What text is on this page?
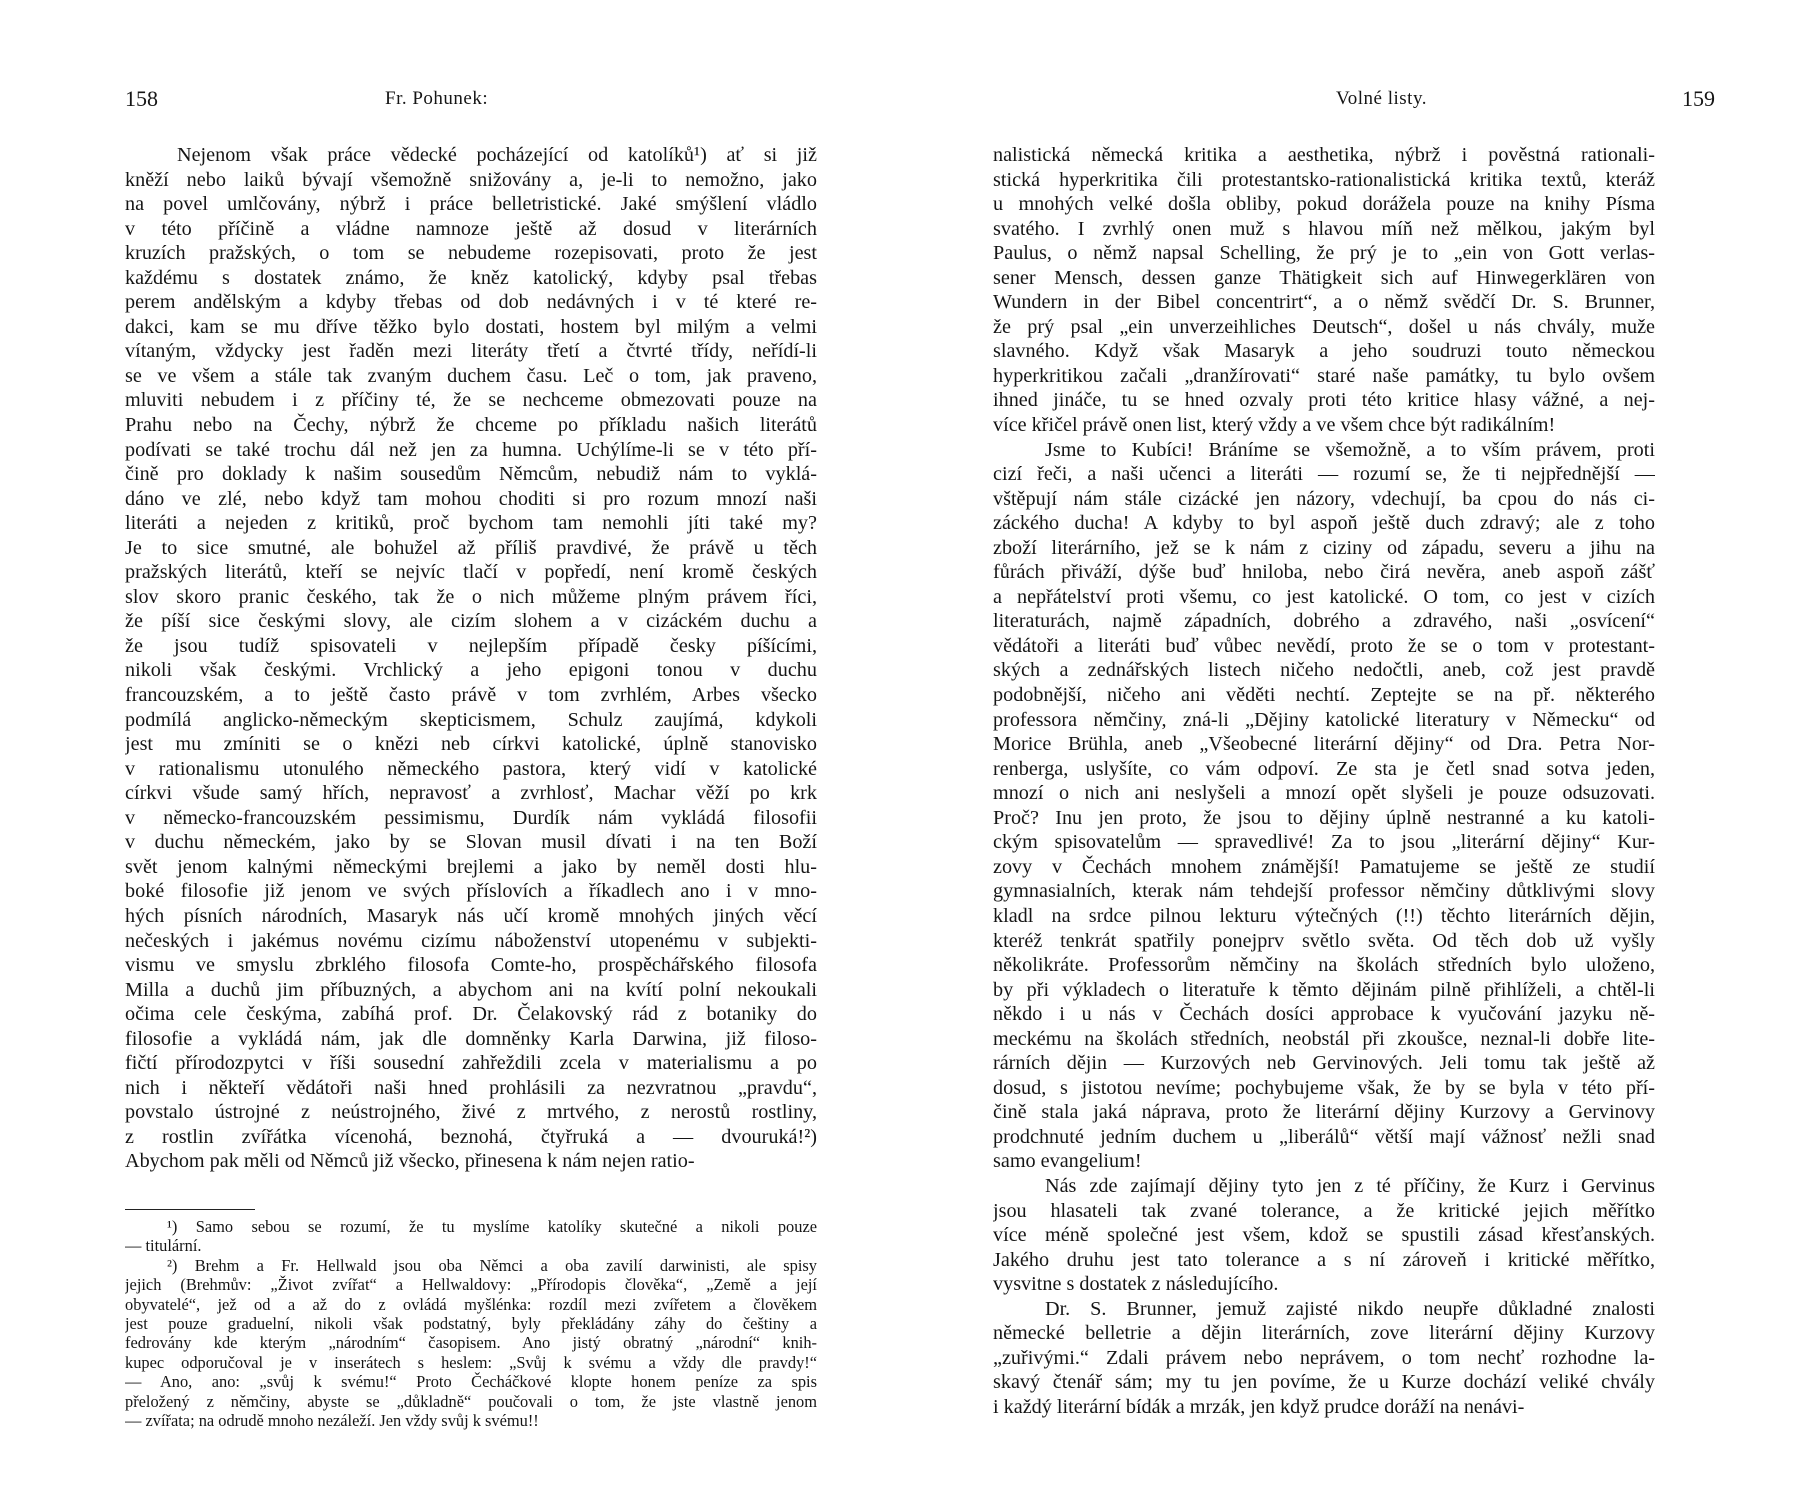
158	Fr. Pohunek:
Nejenom však práce vědecké pocházející od katolíků¹) ať si již
kněží nebo laiků bývají všemožně snižovány a, je-li to nemožno, jako
na povel umlčovány, nýbrž i práce belletristické. Jaké smýšlení vládlo
v této příčině a vládne namnoze ještě až dosud v literárních
kruzích pražských, o tom se nebudeme rozepisovati, proto že jest
každému s dostatek známo, že kněz katolický, kdyby psal třebas
perem andělským a kdyby třebas od dob nedávných i v té které re-
dakci, kam se mu dříve těžko bylo dostati, hostem byl milým a velmi
vítaným, vždycky jest řaděn mezi literáty třetí a čtvrté třídy, neřídí-li
se ve všem a stále tak zvaným duchem času. Leč o tom, jak praveno,
mluviti nebudem i z příčiny té, že se nechceme obmezovati pouze na
Prahu nebo na Čechy, nýbrž že chceme po příkladu našich literátů
podívati se také trochu dál než jen za humna. Uchýlíme-li se v této pří-
čině pro doklady k našim sousedům Němcům, nebudiž nám to vyklá-
dáno ve zlé, nebo když tam mohou choditi si pro rozum mnozí naši
literáti a nejeden z kritiků, proč bychom tam nemohli jíti také my?
Je to sice smutné, ale bohužel až příliš pravdivé, že právě u těch
pražských literátů, kteří se nejvíc tlačí v popředí, není kromě českých
slov skoro pranic českého, tak že o nich můžeme plným právem říci,
že píší sice českými slovy, ale cizím slohem a v cizáckém duchu a
že jsou tudíž spisovateli v nejlepším případě česky píšícími,
nikoli však českými. Vrchlický a jeho epigoni tonou v duchu
francouzském, a to ještě často právě v tom zvrhlém, Arbes všecko
podmílá anglicko-německým skepticismem, Schulz zaujímá, kdykoli
jest mu zmíniti se o knězi neb církvi katolické, úplně stanovisko
v rationalismu utonulého německého pastora, který vidí v katolické
církvi všude samý hřích, nepravosť a zvrhlosť, Machar věží po krk
v německo-francouzském pessimismu, Durdík nám vykládá filosofii
v duchu německém, jako by se Slovan musil dívati i na ten Boží
svět jenom kalnými německými brejlemi a jako by neměl dosti hlu-
boké filosofie již jenom ve svých příslovích a říkadlech ano i v mno-
hých písních národních, Masaryk nás učí kromě mnohých jiných věcí
nečeských i jakémus novému cizímu náboženství utopenému v subjekti-
vismu ve smyslu zbrklého filosofa Comte-ho, prospěchářského filosofa
Milla a duchů jim příbuzných, a abychom ani na kvítí polní nekoukali
očima cele českýma, zabíhá prof. Dr. Čelakovský rád z botaniky do
filosofie a vykládá nám, jak dle domněnky Karla Darwina, již filoso-
fičtí přírodozpytci v říši sousední zahřeždili zcela v materialismu a po
nich i někteří vědátoři naši hned prohlásili za nezvratnou „pravdu“,
povstalo ústrojné z neústrojného, živé z mrtvého, z nerostů rostliny,
z rostlin zvířátka vícenohá, beznohá, čtyřruká a — dvouruká!²)
Abychom pak měli od Němců již všecko, přinesena k nám nejen ratio-
¹) Samo sebou se rozumí, že tu myslíme katolíky skutečné a nikoli pouze
— titulární.
²) Brehm a Fr. Hellwald jsou oba Němci a oba zavilí darwinisti, ale spisy
jejich (Brehmův: „Život zvířat“ a Hellwaldovy: „Přírodopis člověka“, „Země a její
obyvatelé“, jež od a až do z ovládá myšlénka: rozdíl mezi zvířetem a člověkem
jest pouze graduelní, nikoli však podstatný, byly překládány záhy do češtiny a
fedrovány kde kterým „národním“ časopisem. Ano jistý obratný „národní“ knih-
kupec odporučoval je v inserátech s heslem: „Svůj k svému a vždy dle pravdy!“
— Ano, ano: „svůj k svému!“ Proto Čecháčkové klopte honem peníze za spis
přeložený z němčiny, abyste se „důkladně“ poučovali o tom, že jste vlastně jenom
— zvířata; na odrudě mnoho nezáleží. Jen vždy svůj k svému!!
Volné listy.	159
nalistická německá kritika a aesthetika, nýbrž i pověstná rationali-
stická hyperkritika čili protestantsko-rationalistická kritika textů, kteráž
u mnohých velké došla obliby, pokud dorážela pouze na knihy Písma
svatého. I zvrhlý onen muž s hlavou míň než mělkou, jakým byl
Paulus, o němž napsal Schelling, že prý je to „ein von Gott verlas-
sener Mensch, dessen ganze Thätigkeit sich auf Hinwegerklären von
Wundern in der Bibel concentrirt“, a o němž svědčí Dr. S. Brunner,
že prý psal „ein unverzeihliches Deutsch“, došel u nás chvály, muže
slavného. Když však Masaryk a jeho soudruzi touto německou
hyperkritikou začali „dranžírovati“ staré naše památky, tu bylo ovšem
ihned jináče, tu se hned ozvaly proti této kritice hlasy vážné, a nej-
více křičel právě onen list, který vždy a ve všem chce být radikálním!
Jsme to Kubíci! Bráníme se všemožně, a to vším právem, proti
cizí řeči, a naši učenci a literáti — rozumí se, že ti nejpřednější —
vštěpují nám stále cizácké jen názory, vdechují, ba cpou do nás ci-
záckého ducha! A kdyby to byl aspoň ještě duch zdravý; ale z toho
zboží literárního, jež se k nám z ciziny od západu, severu a jihu na
fůrách přiváží, dýše buď hniloba, nebo čirá nevěra, aneb aspoň zášť
a nepřátelství proti všemu, co jest katolické. O tom, co jest v cizích
literaturách, najmě západních, dobrého a zdravého, naši „osvícení“
vědátoři a literáti buď vůbec nevědí, proto že se o tom v protestant-
ských a zednářských listech ničeho nedočtli, aneb, což jest pravdě
podobnější, ničeho ani věděti nechtí. Zeptejte se na př. některého
professora němčiny, zná-li „Dějiny katolické literatury v Německu“ od
Morice Brühla, aneb „Všeobecné literární dějiny“ od Dra. Petra Nor-
renberga, uslyšíte, co vám odpoví. Ze sta je četl snad sotva jeden,
mnozí o nich ani neslyšeli a mnozí opět slyšeli je pouze odsuzovati.
Proč? Inu jen proto, že jsou to dějiny úplně nestranné a ku katoli-
ckým spisovatelům — spravedlivé! Za to jsou „literární dějiny“ Kur-
zovy v Čechách mnohem známější! Pamatujeme se ještě ze studií
gymnasialních, kterak nám tehdejší professor němčiny důtklivými slovy
kladl na srdce pilnou lekturu výtečných (!!) těchto literárních dějin,
kteréž tenkrát spatřily ponejprv světlo světa. Od těch dob už vyšly
několikráte. Professorům němčiny na školách středních bylo uloženo,
by při výkladech o literatuře k těmto dějinám pilně přihlíželi, a chtěl-li
někdo i u nás v Čechách dosíci approbace k vyučování jazyku ně-
meckému na školách středních, neobstál při zkoušce, neznal-li dobře lite-
rárních dějin — Kurzových neb Gervinových. Jeli tomu tak ještě až
dosud, s jistotou nevíme; pochybujeme však, že by se byla v této pří-
čině stala jaká náprava, proto že literární dějiny Kurzovy a Gervinovy
prodchnuté jedním duchem u „liberálů“ větší mají vážnosť nežli snad
samo evangelium!
Nás zde zajímají dějiny tyto jen z té příčiny, že Kurz i Gervinus
jsou hlasateli tak zvané tolerance, a že kritické jejich měřítko
více méně společné jest všem, kdož se spustili zásad křesťanských.
Jakého druhu jest tato tolerance a s ní zároveň i kritické měřítko,
vysvitne s dostatek z následujícího.
Dr. S. Brunner, jemuž zajisté nikdo neupře důkladné znalosti
německé belletrie a dějin literárních, zove literární dějiny Kurzovy
„zuřivými.“ Zdali právem nebo neprávem, o tom nechť rozhodne la-
skavý čtenář sám; my tu jen povíme, že u Kurze dochází veliké chvály
i každý literární bídák a mrzák, jen když prudce doráží na nenávi-
